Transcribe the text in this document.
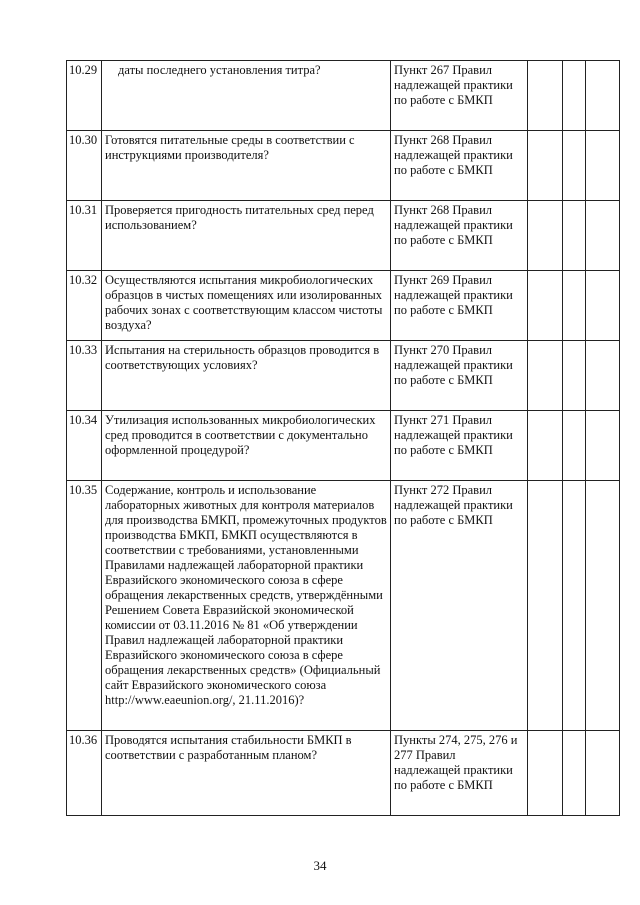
10.29	даты последнего установления титра?	Пункт 267 Правил надлежащей практики по работе с БМКП			
10.30	Готовятся питательные среды в соответствии с инструкциями производителя?	Пункт 268 Правил надлежащей практики по работе с БМКП			
10.31	Проверяется пригодность питательных сред перед использованием?	Пункт 268 Правил надлежащей практики по работе с БМКП			
10.32	Осуществляются испытания микробиологических образцов в чистых помещениях или изолированных рабочих зонах с соответствующим классом чистоты воздуха?	Пункт 269 Правил надлежащей практики по работе с БМКП			
10.33	Испытания на стерильность образцов проводится в соответствующих условиях?	Пункт 270 Правил надлежащей практики по работе с БМКП			
10.34	Утилизация использованных микробиологических сред проводится в соответствии с документально оформленной процедурой?	Пункт 271 Правил надлежащей практики по работе с БМКП			
10.35	Содержание, контроль и использование лабораторных животных для контроля материалов для производства БМКП, промежуточных продуктов производства БМКП, БМКП осуществляются в соответствии с требованиями, установленными Правилами надлежащей лабораторной практики Евразийского экономического союза в сфере обращения лекарственных средств, утверждёнными Решением Совета Евразийской экономической комиссии от 03.11.2016 № 81 «Об утверждении Правил надлежащей лабораторной практики Евразийского экономического союза в сфере обращения лекарственных средств» (Официальный сайт Евразийского экономического союза http://www.eaeunion.org/, 21.11.2016)?	Пункт 272 Правил надлежащей практики по работе с БМКП			
10.36	Проводятся испытания стабильности БМКП в соответствии с разработанным планом?	Пункты 274, 275, 276 и 277 Правил надлежащей практики по работе с БМКП			
34
